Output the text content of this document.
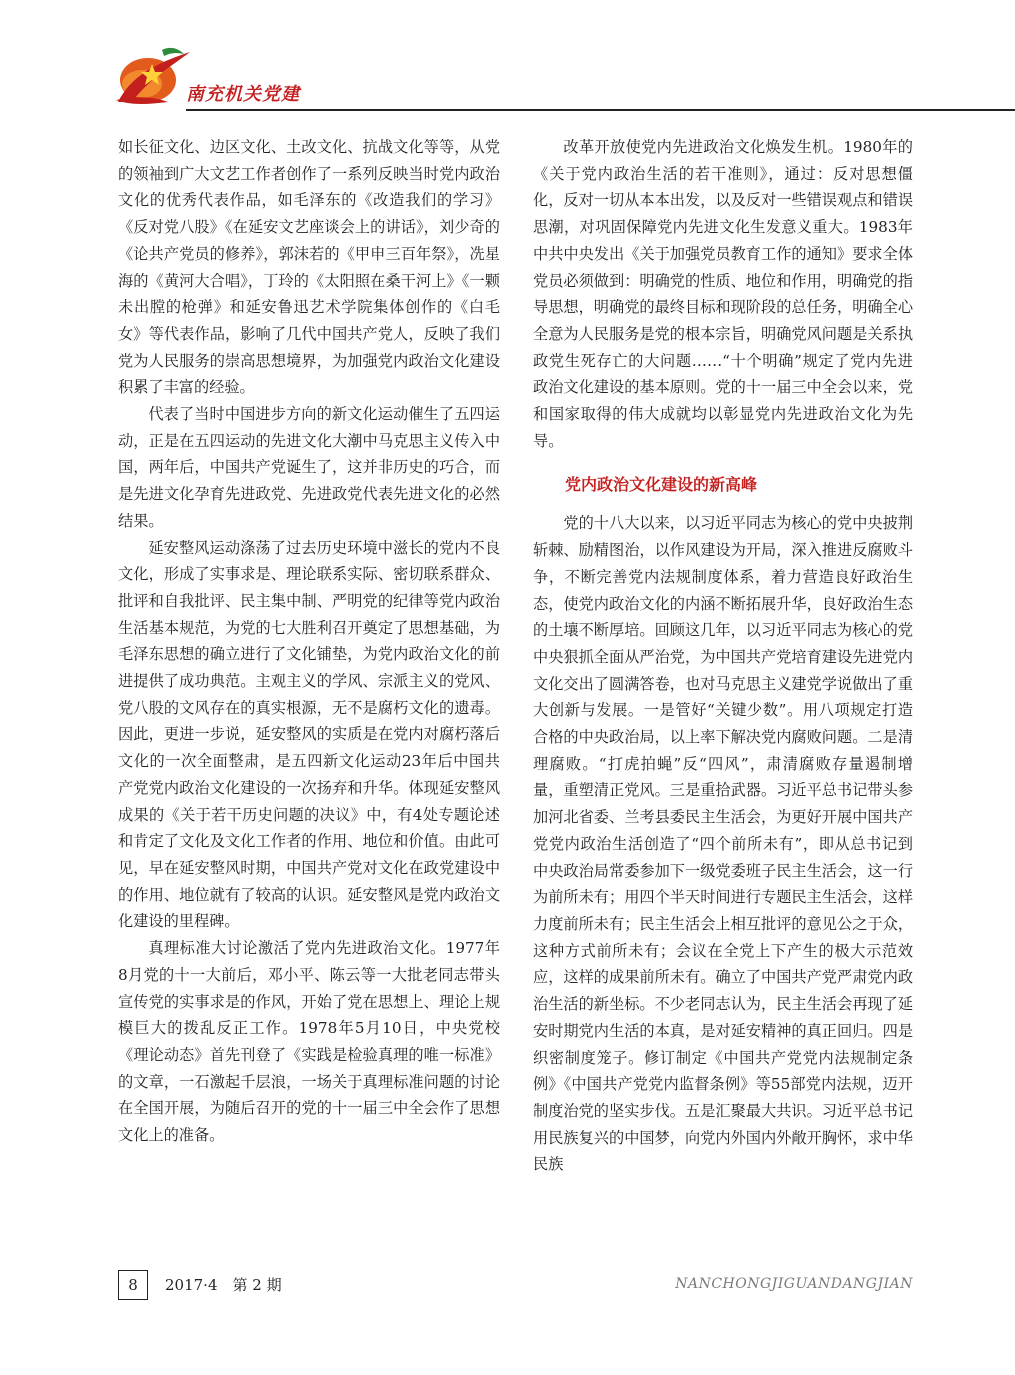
南充机关党建

如长征文化、边区文化、土改文化、抗战文化等等，从党的领袖到广大文艺工作者创作了一系列反映当时党内政治文化的优秀代表作品，如毛泽东的《改造我们的学习》《反对党八股》《在延安文艺座谈会上的讲话》，刘少奇的《论共产党员的修养》，郭沫若的《甲申三百年祭》，冼星海的《黄河大合唱》，丁玲的《太阳照在桑干河上》《一颗未出膛的枪弹》和延安鲁迅艺术学院集体创作的《白毛女》等代表作品，影响了几代中国共产党人，反映了我们党为人民服务的崇高思想境界，为加强党内政治文化建设积累了丰富的经验。

代表了当时中国进步方向的新文化运动催生了五四运动，正是在五四运动的先进文化大潮中马克思主义传入中国，两年后，中国共产党诞生了，这并非历史的巧合，而是先进文化孕育先进政党、先进政党代表先进文化的必然结果。

延安整风运动涤荡了过去历史环境中滋长的党内不良文化，形成了实事求是、理论联系实际、密切联系群众、批评和自我批评、民主集中制、严明党的纪律等党内政治生活基本规范，为党的七大胜利召开奠定了思想基础，为毛泽东思想的确立进行了文化铺垫，为党内政治文化的前进提供了成功典范。主观主义的学风、宗派主义的党风、党八股的文风存在的真实根源，无不是腐朽文化的遗毒。因此，更进一步说，延安整风的实质是在党内对腐朽落后文化的一次全面整肃，是五四新文化运动23年后中国共产党党内政治文化建设的一次扬弃和升华。体现延安整风成果的《关于若干历史问题的决议》中，有4处专题论述和肯定了文化及文化工作者的作用、地位和价值。由此可见，早在延安整风时期，中国共产党对文化在政党建设中的作用、地位就有了较高的认识。延安整风是党内政治文化建设的里程碑。

真理标准大讨论激活了党内先进政治文化。1977年8月党的十一大前后，邓小平、陈云等一大批老同志带头宣传党的实事求是的作风，开始了党在思想上、理论上规模巨大的拨乱反正工作。1978年5月10日，中央党校《理论动态》首先刊登了《实践是检验真理的唯一标准》的文章，一石激起千层浪，一场关于真理标准问题的讨论在全国开展，为随后召开的党的十一届三中全会作了思想文化上的准备。

改革开放使党内先进政治文化焕发生机。1980年的《关于党内政治生活的若干准则》，通过：反对思想僵化，反对一切从本本出发，以及反对一些错误观点和错误思潮，对巩固保障党内先进文化生发意义重大。1983年中共中央发出《关于加强党员教育工作的通知》要求全体党员必须做到：明确党的性质、地位和作用，明确党的指导思想，明确党的最终目标和现阶段的总任务，明确全心全意为人民服务是党的根本宗旨，明确党风问题是关系执政党生死存亡的大问题……“十个明确”规定了党内先进政治文化建设的基本原则。党的十一届三中全会以来，党和国家取得的伟大成就均以彰显党内先进政治文化为先导。

党内政治文化建设的新高峰

党的十八大以来，以习近平同志为核心的党中央披荆斩棘、励精图治，以作风建设为开局，深入推进反腐败斗争，不断完善党内法规制度体系，着力营造良好政治生态，使党内政治文化的内涵不断拓展升华，良好政治生态的土壤不断厚培。回顾这几年，以习近平同志为核心的党中央狠抓全面从严治党，为中国共产党培育建设先进党内文化交出了圆满答卷，也对马克思主义建党学说做出了重大创新与发展。一是管好“关键少数”。用八项规定打造合格的中央政治局，以上率下解决党内腐败问题。二是清理腐败。“打虎拍蝇”反“四风”，肃清腐败存量遏制增量，重塑清正党风。三是重拾武器。习近平总书记带头参加河北省委、兰考县委民主生活会，为更好开展中国共产党党内政治生活创造了“四个前所未有”，即从总书记到中央政治局常委参加下一级党委班子民主生活会，这一行为前所未有；用四个半天时间进行专题民主生活会，这样力度前所未有；民主生活会上相互批评的意见公之于众，这种方式前所未有；会议在全党上下产生的极大示范效应，这样的成果前所未有。确立了中国共产党严肃党内政治生活的新坐标。不少老同志认为，民主生活会再现了延安时期党内生活的本真，是对延安精神的真正回归。四是织密制度笼子。修订制定《中国共产党党内法规制定条例》《中国共产党党内监督条例》等55部党内法规，迈开制度治党的坚实步伐。五是汇聚最大共识。习近平总书记用民族复兴的中国梦，向党内外国内外敞开胸怀，求中华民族

8	2017·4　第 2 期	NANCHONGJIGUANDANGJIAN
